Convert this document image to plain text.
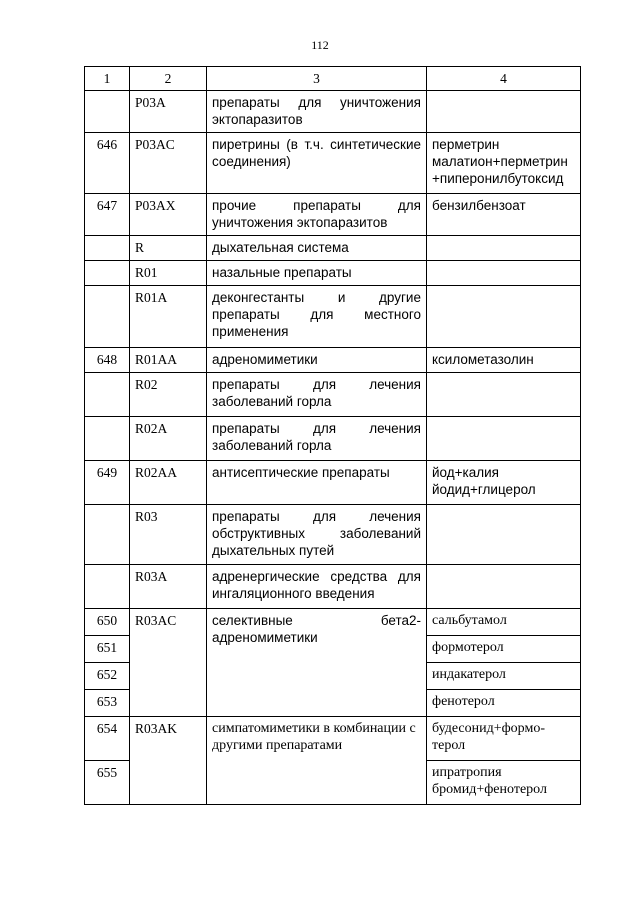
112
1	2	3	4
	P03A	препараты для уничтожения эктопаразитов	
646	P03AC	пиретрины (в т.ч. синтетические соединения)	перметрин малатион+перметрин +пиперонилбутоксид
647	P03AX	прочие препараты для уничтожения эктопаразитов	бензилбензоат
	R	дыхательная система	
	R01	назальные препараты	
	R01A	деконгестанты и другие препараты для местного применения	
648	R01AA	адреномиметики	ксилометазолин
	R02	препараты для лечения заболеваний горла	
	R02A	препараты для лечения заболеваний горла	
649	R02AA	антисептические препараты	йод+калия йодид+глицерол
	R03	препараты для лечения обструктивных заболеваний дыхательных путей	
	R03A	адренергические средства для ингаляционного введения	
650	R03AC	селективные бета2-адреномиметики	сальбутамол
651			формотерол
652			индакатерол
653			фенотерол
654	R03AK	симпатомиметики в комбинации с другими препаратами	будесонид+формо-терол
655			ипратропия бромид+фенотерол
